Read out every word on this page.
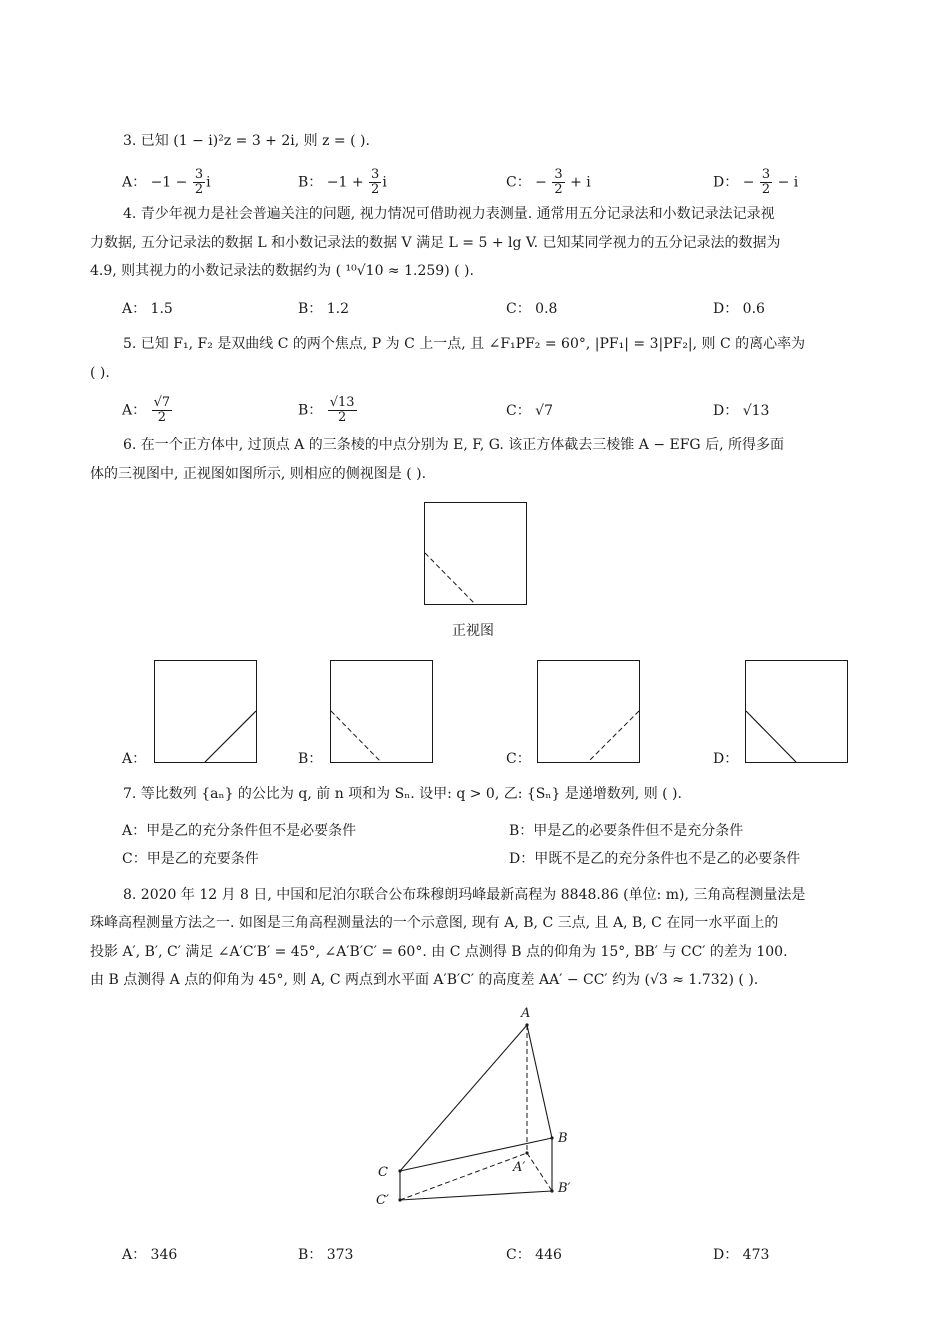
3. 已知 (1 − i)²z = 3 + 2i, 则 z = ( ).
A： $-1 - \frac{3}{2}$ i	B： $-1 + \frac{3}{2}$ i	C： − $\frac{3}{2} + i$	D： − $\frac{3}{2} - i$
4. 青少年视力是社会普遍关注的问题, 视力情况可借助视力表测量. 通常用五分记录法和小数记录法记录视
力数据, 五分记录法的数据 L 和小数记录法的数据 V 满足 L = 5 + lg V. 已知某同学视力的五分记录法的数据为
4.9, 则其视力的小数记录法的数据约为 ( ¹⁰√10 ≈ 1.259) ( ).
A： 1.5	B： 1.2	C： 0.8	D： 0.6
5. 已知 F₁, F₂ 是双曲线 C 的两个焦点, P 为 C 上一点, 且 ∠F₁PF₂ = 60°, |PF₁| = 3|PF₂|, 则 C 的离心率为
( ).
A： $\frac{√7}{2}$	B： $\frac{√13}{2}$	C： √7	D： √13
6. 在一个正方体中, 过顶点 A 的三条棱的中点分别为 E, F, G. 该正方体截去三棱锥 A − EFG 后, 所得多面
体的三视图中, 正视图如图所示, 则相应的侧视图是 ( ).
正视图
A：	B：	C：	D：
7. 等比数列 {aₙ} 的公比为 q, 前 n 项和为 Sₙ. 设甲: q > 0, 乙: {Sₙ} 是递增数列, 则 ( ).
A：甲是乙的充分条件但不是必要条件	B：甲是乙的必要条件但不是充分条件
C：甲是乙的充要条件	D：甲既不是乙的充分条件也不是乙的必要条件
8. 2020 年 12 月 8 日, 中国和尼泊尔联合公布珠穆朗玛峰最新高程为 8848.86 (单位: m), 三角高程测量法是
珠峰高程测量方法之一. 如图是三角高程测量法的一个示意图, 现有 A, B, C 三点, 且 A, B, C 在同一水平面上的
投影 A′, B′, C′ 满足 ∠A′C′B′ = 45°, ∠A′B′C′ = 60°. 由 C 点测得 B 点的仰角为 15°, BB′ 与 CC′ 的差为 100.
由 B 点测得 A 点的仰角为 45°, 则 A, C 两点到水平面 A′B′C′ 的高度差 AA′ − CC′ 约为 (√3 ≈ 1.732) ( ).
A
B
C	A′
B′
C′
A： 346	B： 373	C： 446	D： 473
